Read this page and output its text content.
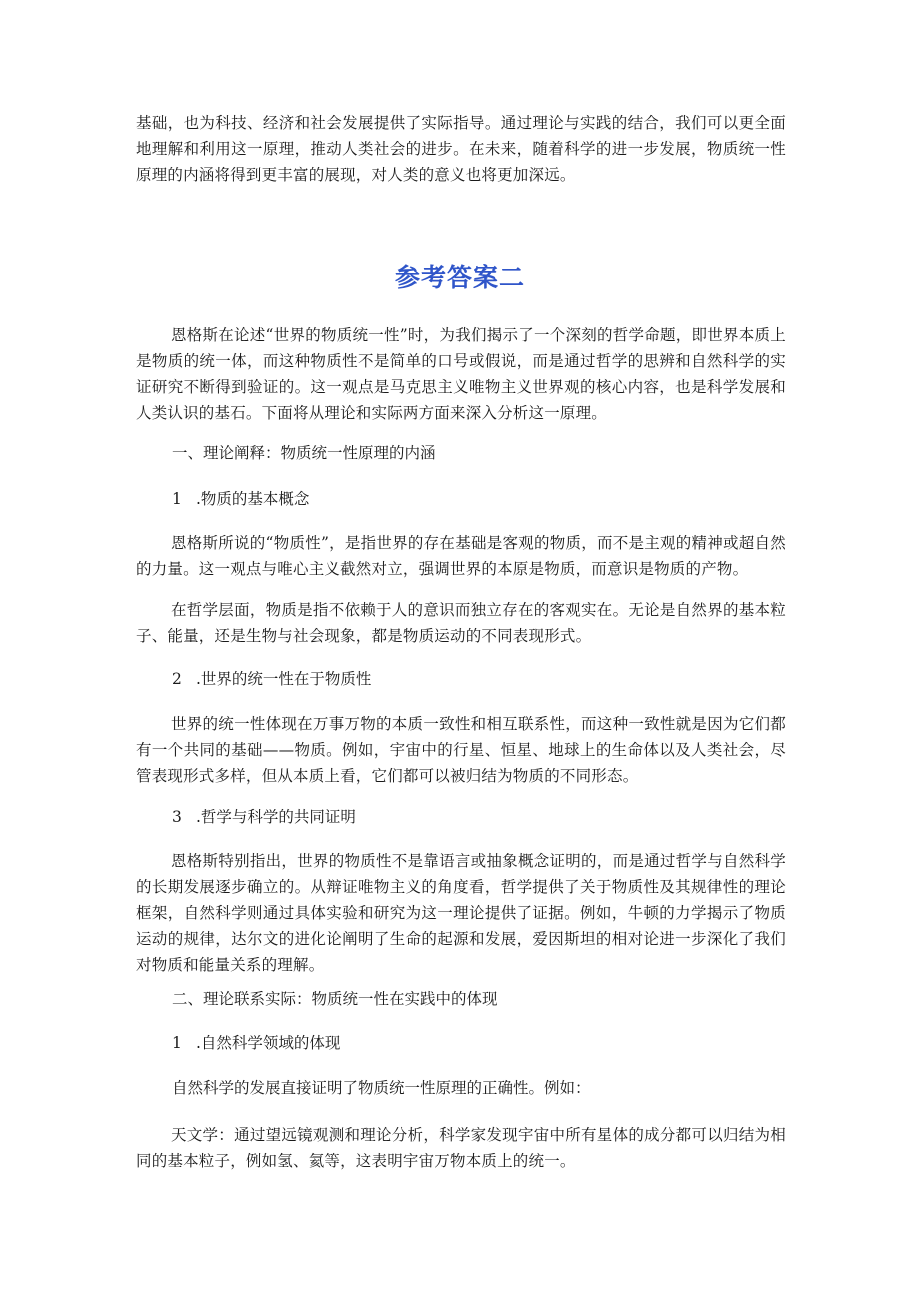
基础，也为科技、经济和社会发展提供了实际指导。通过理论与实践的结合，我们可以更全面地理解和利用这一原理，推动人类社会的进步。在未来，随着科学的进一步发展，物质统一性原理的内涵将得到更丰富的展现，对人类的意义也将更加深远。

参考答案二

恩格斯在论述“世界的物质统一性”时，为我们揭示了一个深刻的哲学命题，即世界本质上是物质的统一体，而这种物质性不是简单的口号或假说，而是通过哲学的思辨和自然科学的实证研究不断得到验证的。这一观点是马克思主义唯物主义世界观的核心内容，也是科学发展和人类认识的基石。下面将从理论和实际两方面来深入分析这一原理。

一、理论阐释：物质统一性原理的内涵

1 .物质的基本概念

恩格斯所说的“物质性”，是指世界的存在基础是客观的物质，而不是主观的精神或超自然的力量。这一观点与唯心主义截然对立，强调世界的本原是物质，而意识是物质的产物。

在哲学层面，物质是指不依赖于人的意识而独立存在的客观实在。无论是自然界的基本粒子、能量，还是生物与社会现象，都是物质运动的不同表现形式。

2 .世界的统一性在于物质性

世界的统一性体现在万事万物的本质一致性和相互联系性，而这种一致性就是因为它们都有一个共同的基础——物质。例如，宇宙中的行星、恒星、地球上的生命体以及人类社会，尽管表现形式多样，但从本质上看，它们都可以被归结为物质的不同形态。

3 .哲学与科学的共同证明

恩格斯特别指出，世界的物质性不是靠语言或抽象概念证明的，而是通过哲学与自然科学的长期发展逐步确立的。从辩证唯物主义的角度看，哲学提供了关于物质性及其规律性的理论框架，自然科学则通过具体实验和研究为这一理论提供了证据。例如，牛顿的力学揭示了物质运动的规律，达尔文的进化论阐明了生命的起源和发展，爱因斯坦的相对论进一步深化了我们对物质和能量关系的理解。

二、理论联系实际：物质统一性在实践中的体现

1 .自然科学领域的体现

自然科学的发展直接证明了物质统一性原理的正确性。例如：

天文学：通过望远镜观测和理论分析，科学家发现宇宙中所有星体的成分都可以归结为相同的基本粒子，例如氢、氦等，这表明宇宙万物本质上的统一。
